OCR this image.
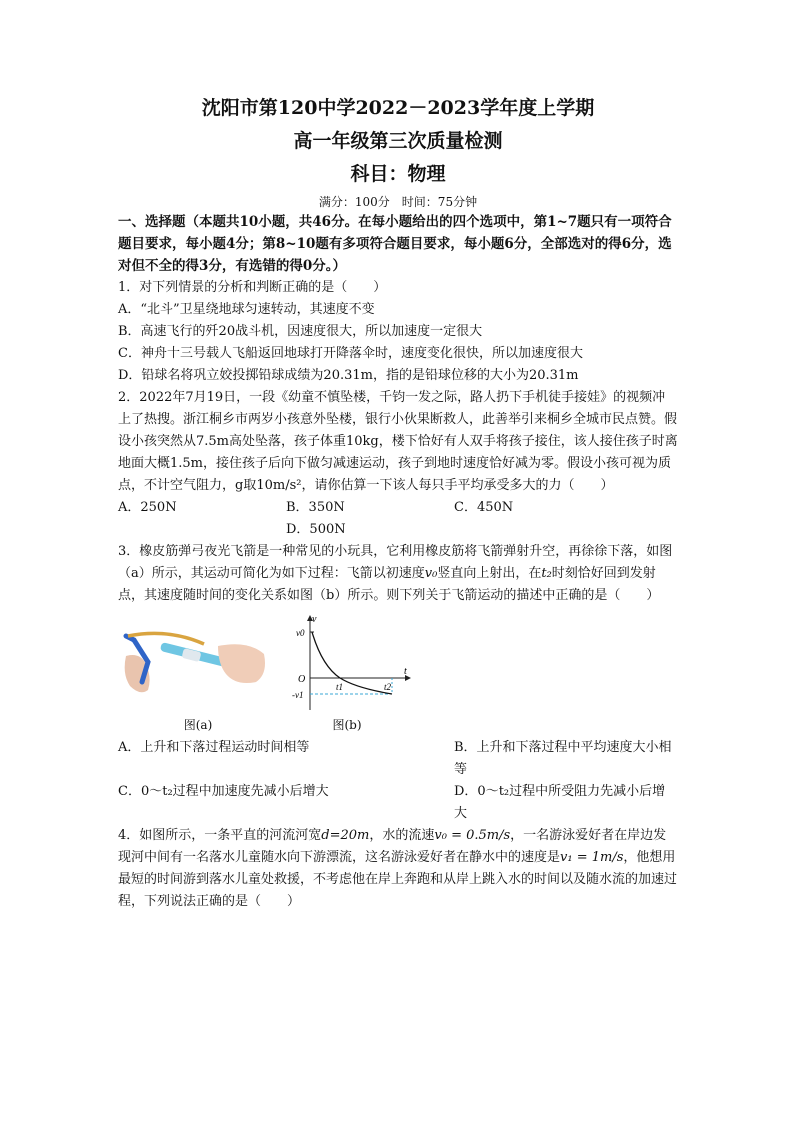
沈阳市第120中学2022－2023学年度上学期
高一年级第三次质量检测
科目：物理
满分：100分　时间：75分钟
一、选择题（本题共10小题，共46分。在每小题给出的四个选项中，第1~7题只有一项符合题目要求，每小题4分；第8~10题有多项符合题目要求，每小题6分，全部选对的得6分，选对但不全的得3分，有选错的得0分。）

1．对下列情景的分析和判断正确的是（　　）

A．“北斗”卫星绕地球匀速转动，其速度不变

B．高速飞行的歼20战斗机，因速度很大，所以加速度一定很大

C．神舟十三号载人飞船返回地球打开降落伞时，速度变化很快，所以加速度很大

D．铅球名将巩立姣投掷铅球成绩为20.31m，指的是铅球位移的大小为20.31m

2．2022年7月19日，一段《幼童不慎坠楼，千钧一发之际，路人扔下手机徒手接娃》的视频冲上了热搜。浙江桐乡市两岁小孩意外坠楼，银行小伙果断救人，此善举引来桐乡全城市民点赞。假设小孩突然从7.5m高处坠落，孩子体重10kg，楼下恰好有人双手将孩子接住，该人接住孩子时离地面大概1.5m，接住孩子后向下做匀减速运动，孩子到地时速度恰好减为零。假设小孩可视为质点，不计空气阻力，g取10m/s²，请你估算一下该人每只手平均承受多大的力（　　）

A．250N	B．350N	C．450N
D．500N

3．橡皮筋弹弓夜光飞箭是一种常见的小玩具，它利用橡皮筋将飞箭弹射升空，再徐徐下落，如图（a）所示，其运动可简化为如下过程：飞箭以初速度v₀竖直向上射出，在t₂时刻恰好回到发射点，其速度随时间的变化关系如图（b）所示。则下列关于飞箭运动的描述中正确的是（　　）

图(a)
v
v0
O
t
t1	t2
-v1
图(b)
A．上升和下落过程运动时间相等	B．上升和下落过程中平均速度大小相等
C．0～t₂过程中加速度先减小后增大	D．0～t₂过程中所受阻力先减小后增大

4．如图所示，一条平直的河流河宽d=20m，水的流速v₀ = 0.5m/s，一名游泳爱好者在岸边发现河中间有一名落水儿童随水向下游漂流，这名游泳爱好者在静水中的速度是v₁ = 1m/s，他想用最短的时间游到落水儿童处救援，不考虑他在岸上奔跑和从岸上跳入水的时间以及随水流的加速过程，下列说法正确的是（　　）
